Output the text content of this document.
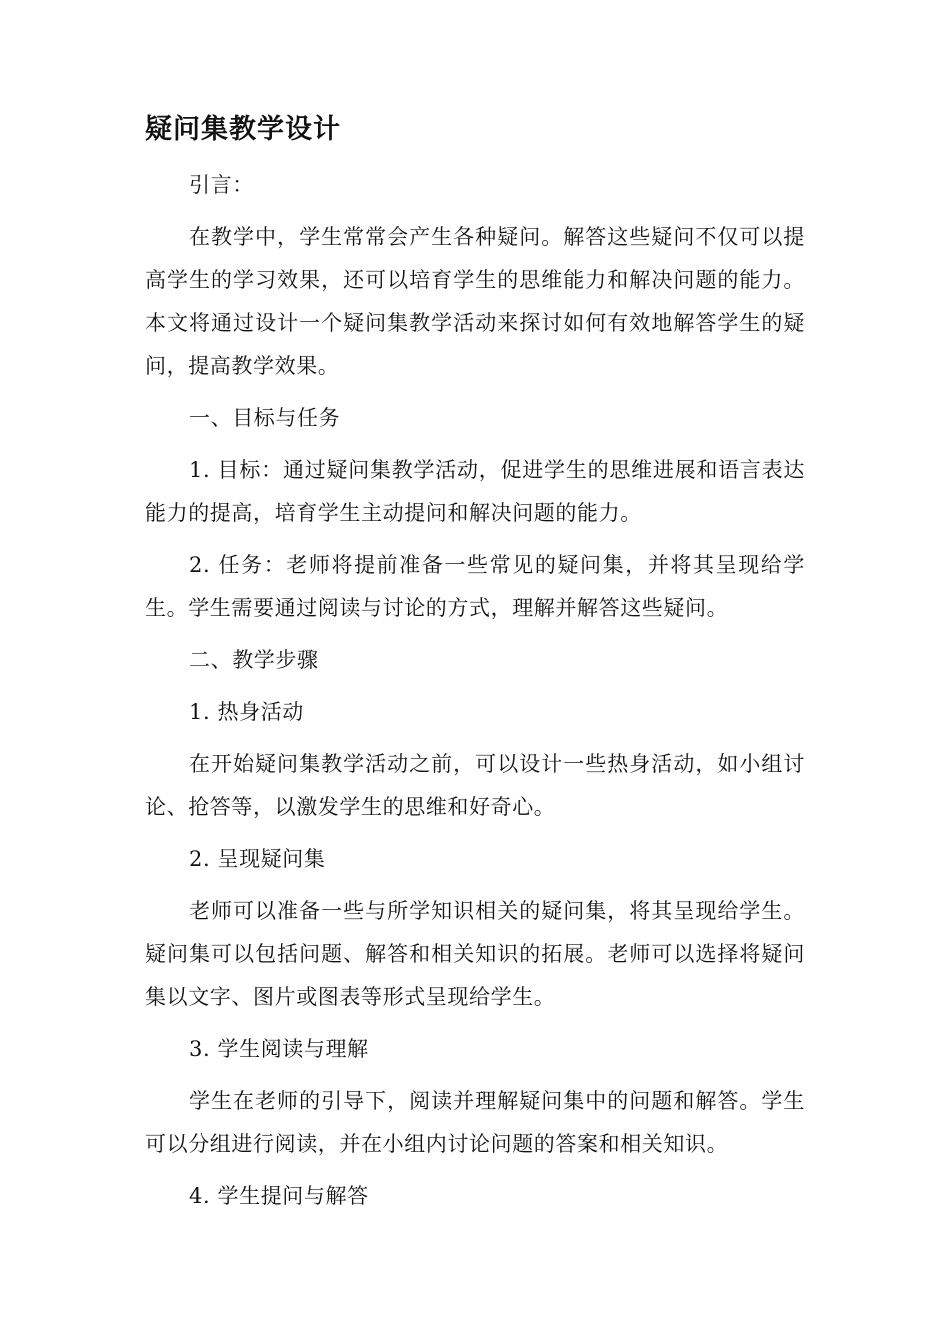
疑问集教学设计

引言：

在教学中，学生常常会产生各种疑问。解答这些疑问不仅可以提高学生的学习效果，还可以培育学生的思维能力和解决问题的能力。本文将通过设计一个疑问集教学活动来探讨如何有效地解答学生的疑问，提高教学效果。

一、目标与任务

1. 目标：通过疑问集教学活动，促进学生的思维进展和语言表达能力的提高，培育学生主动提问和解决问题的能力。

2. 任务：老师将提前准备一些常见的疑问集，并将其呈现给学生。学生需要通过阅读与讨论的方式，理解并解答这些疑问。

二、教学步骤

1. 热身活动

在开始疑问集教学活动之前，可以设计一些热身活动，如小组讨论、抢答等，以激发学生的思维和好奇心。

2. 呈现疑问集

老师可以准备一些与所学知识相关的疑问集，将其呈现给学生。疑问集可以包括问题、解答和相关知识的拓展。老师可以选择将疑问集以文字、图片或图表等形式呈现给学生。

3. 学生阅读与理解

学生在老师的引导下，阅读并理解疑问集中的问题和解答。学生可以分组进行阅读，并在小组内讨论问题的答案和相关知识。

4. 学生提问与解答
